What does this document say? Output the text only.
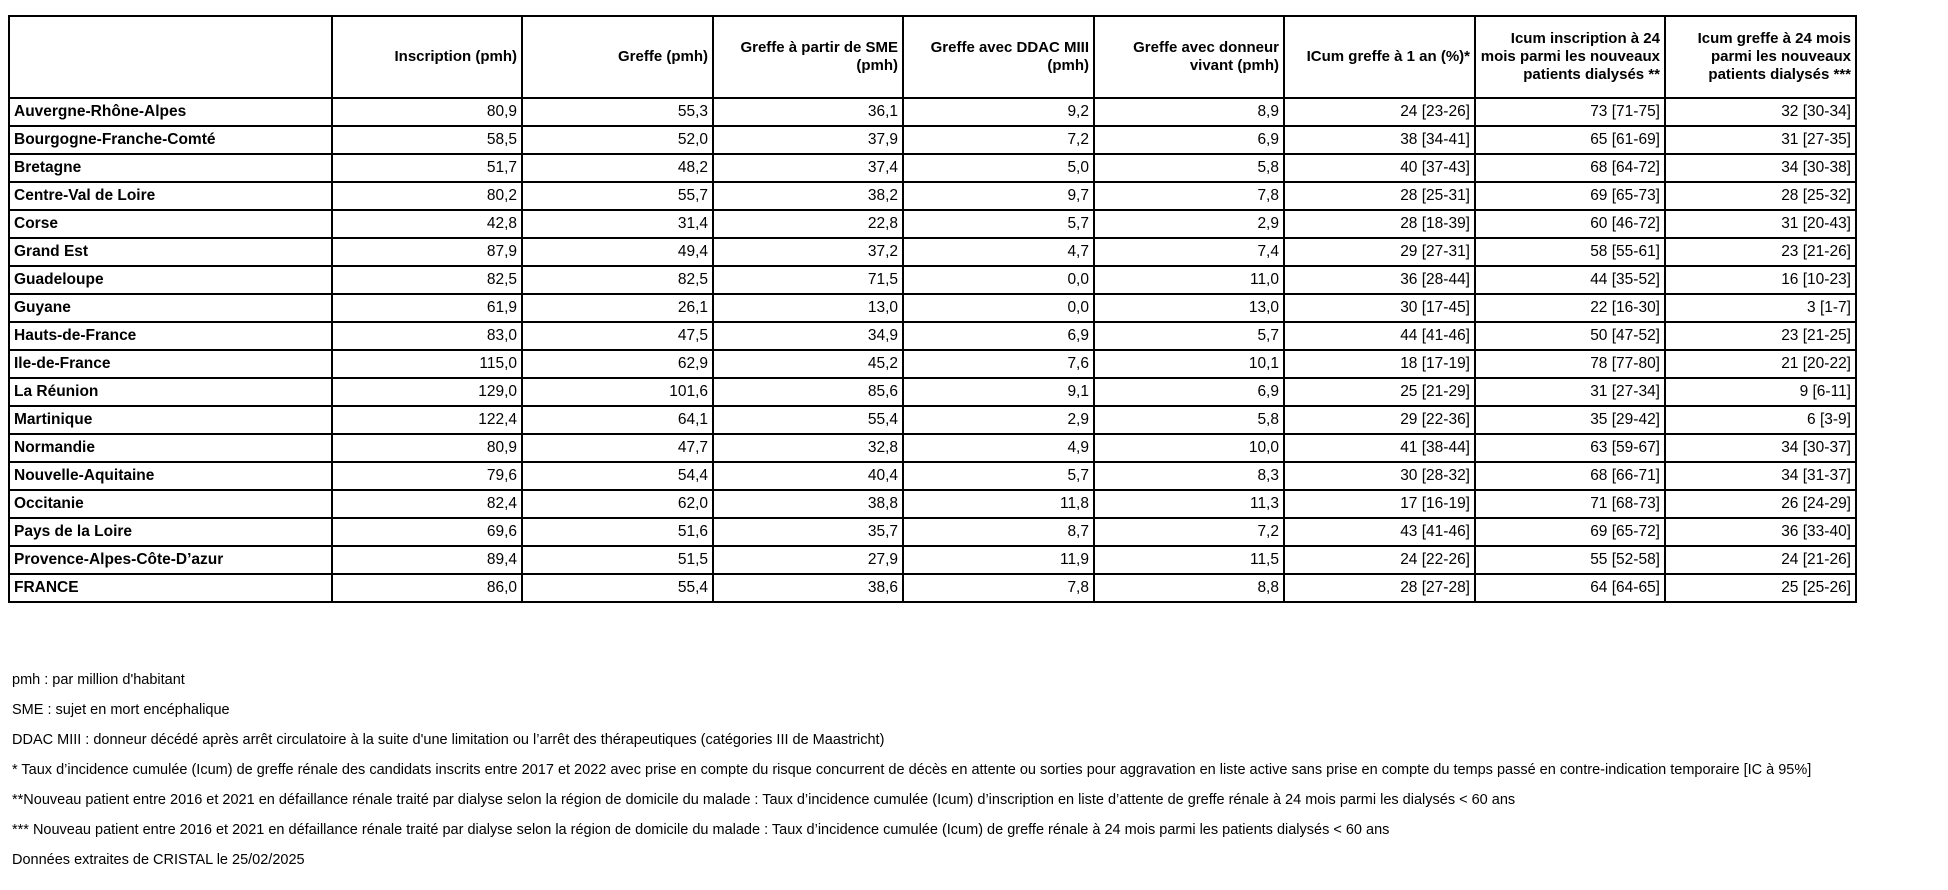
	Inscription (pmh)	Greffe (pmh)	Greffe à partir de SME (pmh)	Greffe avec DDAC MIII (pmh)	Greffe avec donneur vivant (pmh)	ICum greffe à 1 an (%)*	Icum inscription à 24 mois parmi les nouveaux patients dialysés **	Icum greffe à 24 mois parmi les nouveaux patients dialysés ***
Auvergne-Rhône-Alpes	80,9	55,3	36,1	9,2	8,9	24 [23-26]	73 [71-75]	32 [30-34]
Bourgogne-Franche-Comté	58,5	52,0	37,9	7,2	6,9	38 [34-41]	65 [61-69]	31 [27-35]
Bretagne	51,7	48,2	37,4	5,0	5,8	40 [37-43]	68 [64-72]	34 [30-38]
Centre-Val de Loire	80,2	55,7	38,2	9,7	7,8	28 [25-31]	69 [65-73]	28 [25-32]
Corse	42,8	31,4	22,8	5,7	2,9	28 [18-39]	60 [46-72]	31 [20-43]
Grand Est	87,9	49,4	37,2	4,7	7,4	29 [27-31]	58 [55-61]	23 [21-26]
Guadeloupe	82,5	82,5	71,5	0,0	11,0	36 [28-44]	44 [35-52]	16 [10-23]
Guyane	61,9	26,1	13,0	0,0	13,0	30 [17-45]	22 [16-30]	3 [1-7]
Hauts-de-France	83,0	47,5	34,9	6,9	5,7	44 [41-46]	50 [47-52]	23 [21-25]
Ile-de-France	115,0	62,9	45,2	7,6	10,1	18 [17-19]	78 [77-80]	21 [20-22]
La Réunion	129,0	101,6	85,6	9,1	6,9	25 [21-29]	31 [27-34]	9 [6-11]
Martinique	122,4	64,1	55,4	2,9	5,8	29 [22-36]	35 [29-42]	6 [3-9]
Normandie	80,9	47,7	32,8	4,9	10,0	41 [38-44]	63 [59-67]	34 [30-37]
Nouvelle-Aquitaine	79,6	54,4	40,4	5,7	8,3	30 [28-32]	68 [66-71]	34 [31-37]
Occitanie	82,4	62,0	38,8	11,8	11,3	17 [16-19]	71 [68-73]	26 [24-29]
Pays de la Loire	69,6	51,6	35,7	8,7	7,2	43 [41-46]	69 [65-72]	36 [33-40]
Provence-Alpes-Côte-D’azur	89,4	51,5	27,9	11,9	11,5	24 [22-26]	55 [52-58]	24 [21-26]
FRANCE	86,0	55,4	38,6	7,8	8,8	28 [27-28]	64 [64-65]	25 [25-26]
pmh : par million d'habitant
SME : sujet en mort encéphalique
DDAC MIII : donneur décédé après arrêt circulatoire à la suite d'une limitation ou l’arrêt des thérapeutiques (catégories III de Maastricht)
* Taux d’incidence cumulée (Icum) de greffe rénale des candidats inscrits entre 2017 et 2022 avec prise en compte du risque concurrent de décès en attente ou sorties pour aggravation en liste active sans prise en compte du temps passé en contre-indication temporaire [IC à 95%]
**Nouveau patient entre 2016 et 2021 en défaillance rénale traité par dialyse selon la région de domicile du malade : Taux d’incidence cumulée (Icum) d’inscription en liste d’attente de greffe rénale à 24 mois parmi les dialysés < 60 ans
*** Nouveau patient entre 2016 et 2021 en défaillance rénale traité par dialyse selon la région de domicile du malade : Taux d’incidence cumulée (Icum) de greffe rénale à 24 mois parmi les patients dialysés < 60 ans
Données extraites de CRISTAL le 25/02/2025
